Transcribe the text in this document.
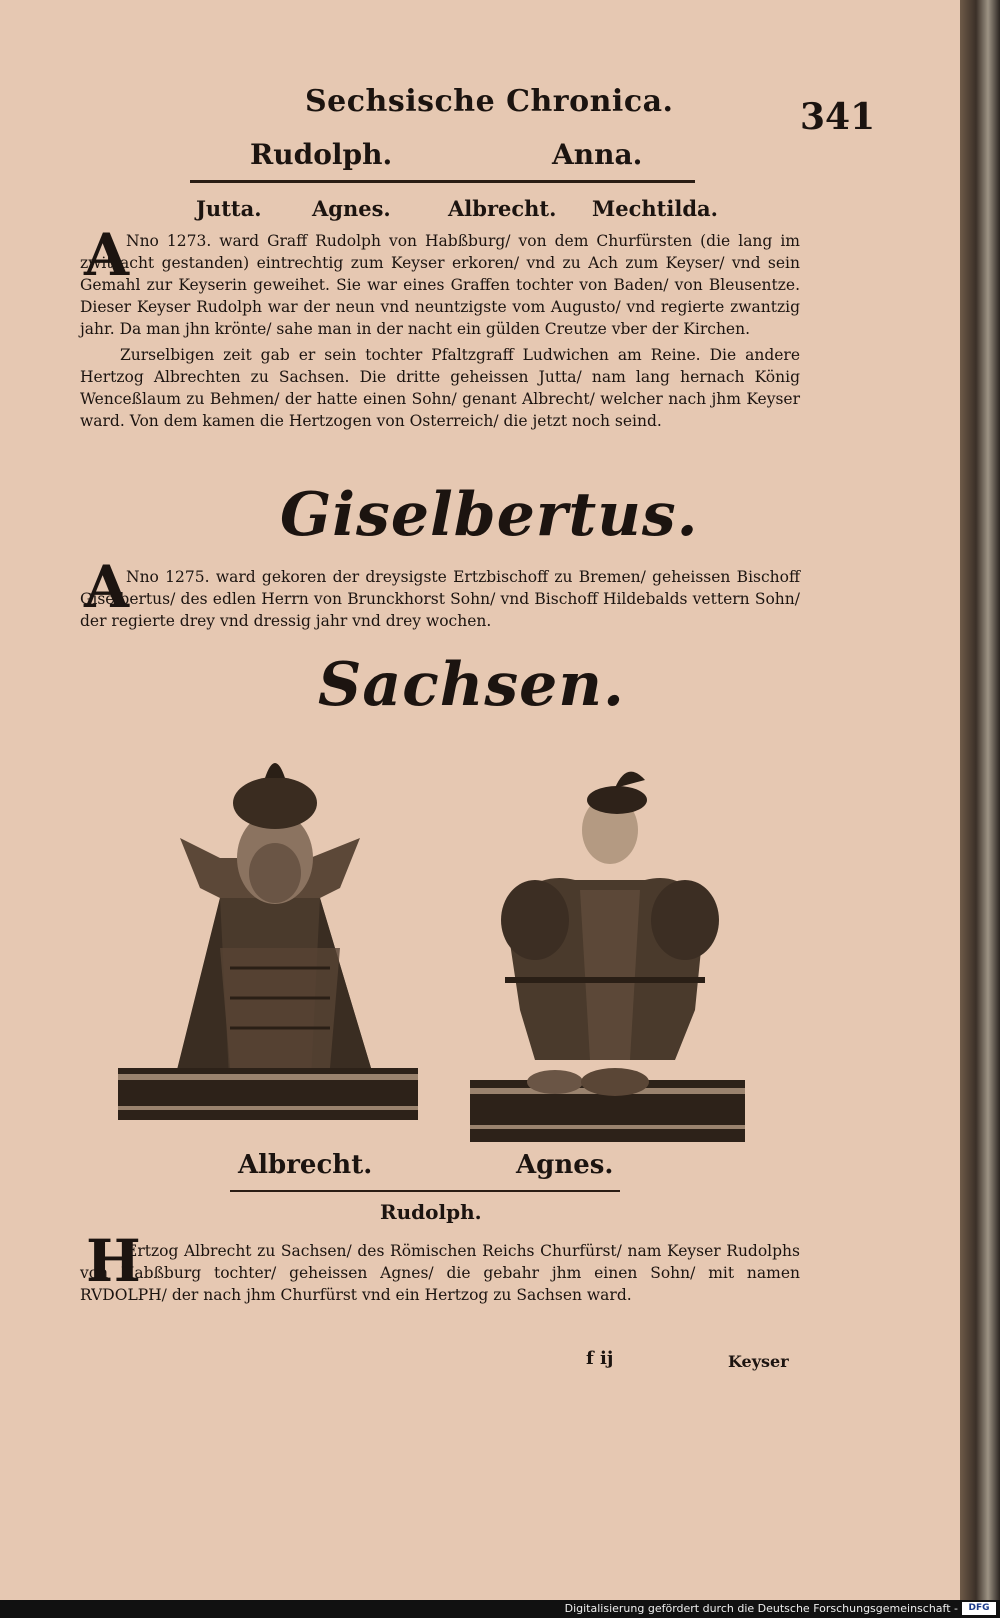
Sechsische Chronica.	341
Rudolph.	Anna.
Jutta. Agnes.	Albrecht. Mechtilda.
A

Nno 1273. ward Graff Rudolph von Habßburg/ von dem Churfürsten (die lang im zwitracht gestanden) eintrechtig zum Keyser erkoren/ vnd zu Ach zum Keyser/ vnd sein Gemahl zur Keyserin geweihet. Sie war eines Graffen tochter von Baden/ von Bleusentze. Dieser Keyser Rudolph war der neun vnd neuntzigste vom Augusto/ vnd regierte zwantzig jahr. Da man jhn krönte/ sahe man in der nacht ein gülden Creutze vber der Kirchen.

Zurselbigen zeit gab er sein tochter Pfaltzgraff Ludwichen am Reine. Die andere Hertzog Albrechten zu Sachsen. Die dritte geheissen Jutta/ nam lang hernach König Wenceßlaum zu Behmen/ der hatte einen Sohn/ genant Albrecht/ welcher nach jhm Keyser ward. Von dem kamen die Hertzogen von Osterreich/ die jetzt noch seind.

Giselbertus.
A

Nno 1275. ward gekoren der dreysigste Ertzbischoff zu Bremen/ geheissen Bischoff Giselbertus/ des edlen Herrn von Brunckhorst Sohn/ vnd Bischoff Hildebalds vettern Sohn/ der regierte drey vnd dressig jahr vnd drey wochen.

Sachsen.
Albrecht.	Agnes.
Rudolph.
H

Ertzog Albrecht zu Sachsen/ des Römischen Reichs Churfürst/ nam Keyser Rudolphs von Habßburg tochter/ geheissen Agnes/ die gebahr jhm einen Sohn/ mit namen RVDOLPH/ der nach jhm Churfürst vnd ein Hertzog zu Sachsen ward.

f ij	Keyser
Digitalisierung gefördert durch die Deutsche Forschungsgemeinschaft -	DFG
